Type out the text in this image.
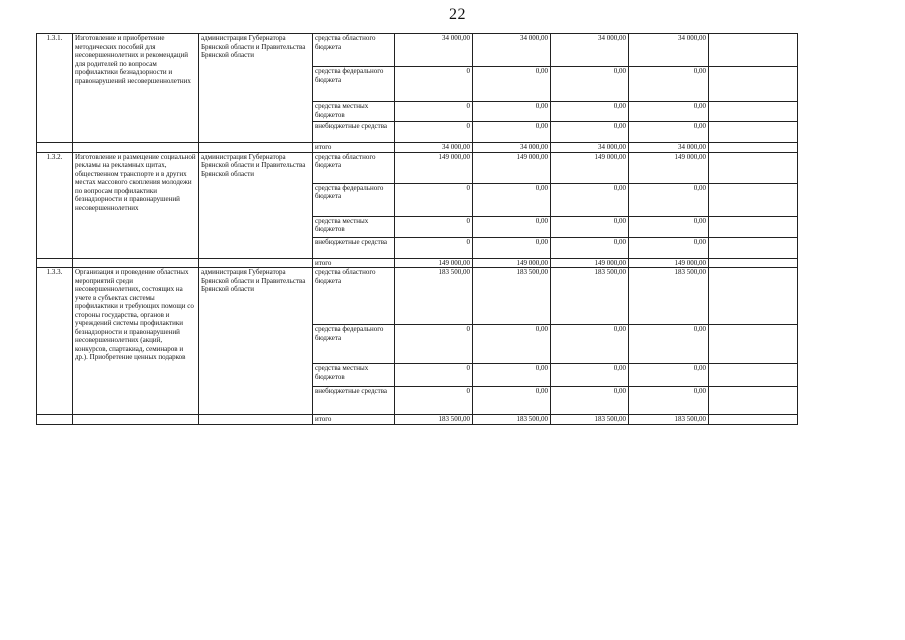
22
1.3.1.	Изготовление и приобретение методических пособий для несовершеннолетних и рекомендаций для родителей по вопросам профилактики безнадзорности и правонарушений несовершеннолетних	администрация Губернатора Брянской области и Правительства Брянской области	средства областного бюджета	34 000,00	34 000,00	34 000,00	34 000,00	
			средства федерального бюджета	0	0,00	0,00	0,00	
			средства местных бюджетов	0	0,00	0,00	0,00	
			внебюджетные средства	0	0,00	0,00	0,00	
			итого	34 000,00	34 000,00	34 000,00	34 000,00	
1.3.2.	Изготовление и размещение социальной рекламы на рекламных щитах, общественном транспорте и в других местах массового скопления молодежи по вопросам профилактики безнадзорности и правонарушений несовершеннолетних	администрация Губернатора Брянской области и Правительства Брянской области	средства областного бюджета	149 000,00	149 000,00	149 000,00	149 000,00	
			средства федерального бюджета	0	0,00	0,00	0,00	
			средства местных бюджетов	0	0,00	0,00	0,00	
			внебюджетные средства	0	0,00	0,00	0,00	
			итого	149 000,00	149 000,00	149 000,00	149 000,00	
1.3.3.	Организация и проведение областных мероприятий среди несовершеннолетних, состоящих на учете в субъектах системы профилактики и требующих помощи со стороны государства, органов и учреждений системы профилактики безнадзорности и правонарушений несовершеннолетних (акций, конкурсов, спартакиад, семинаров и др.). Приобретение ценных подарков	администрация Губернатора Брянской области и Правительства Брянской области	средства областного бюджета	183 500,00	183 500,00	183 500,00	183 500,00	
			средства федерального бюджета	0	0,00	0,00	0,00	
			средства местных бюджетов	0	0,00	0,00	0,00	
			внебюджетные средства	0	0,00	0,00	0,00	
			итого	183 500,00	183 500,00	183 500,00	183 500,00	
